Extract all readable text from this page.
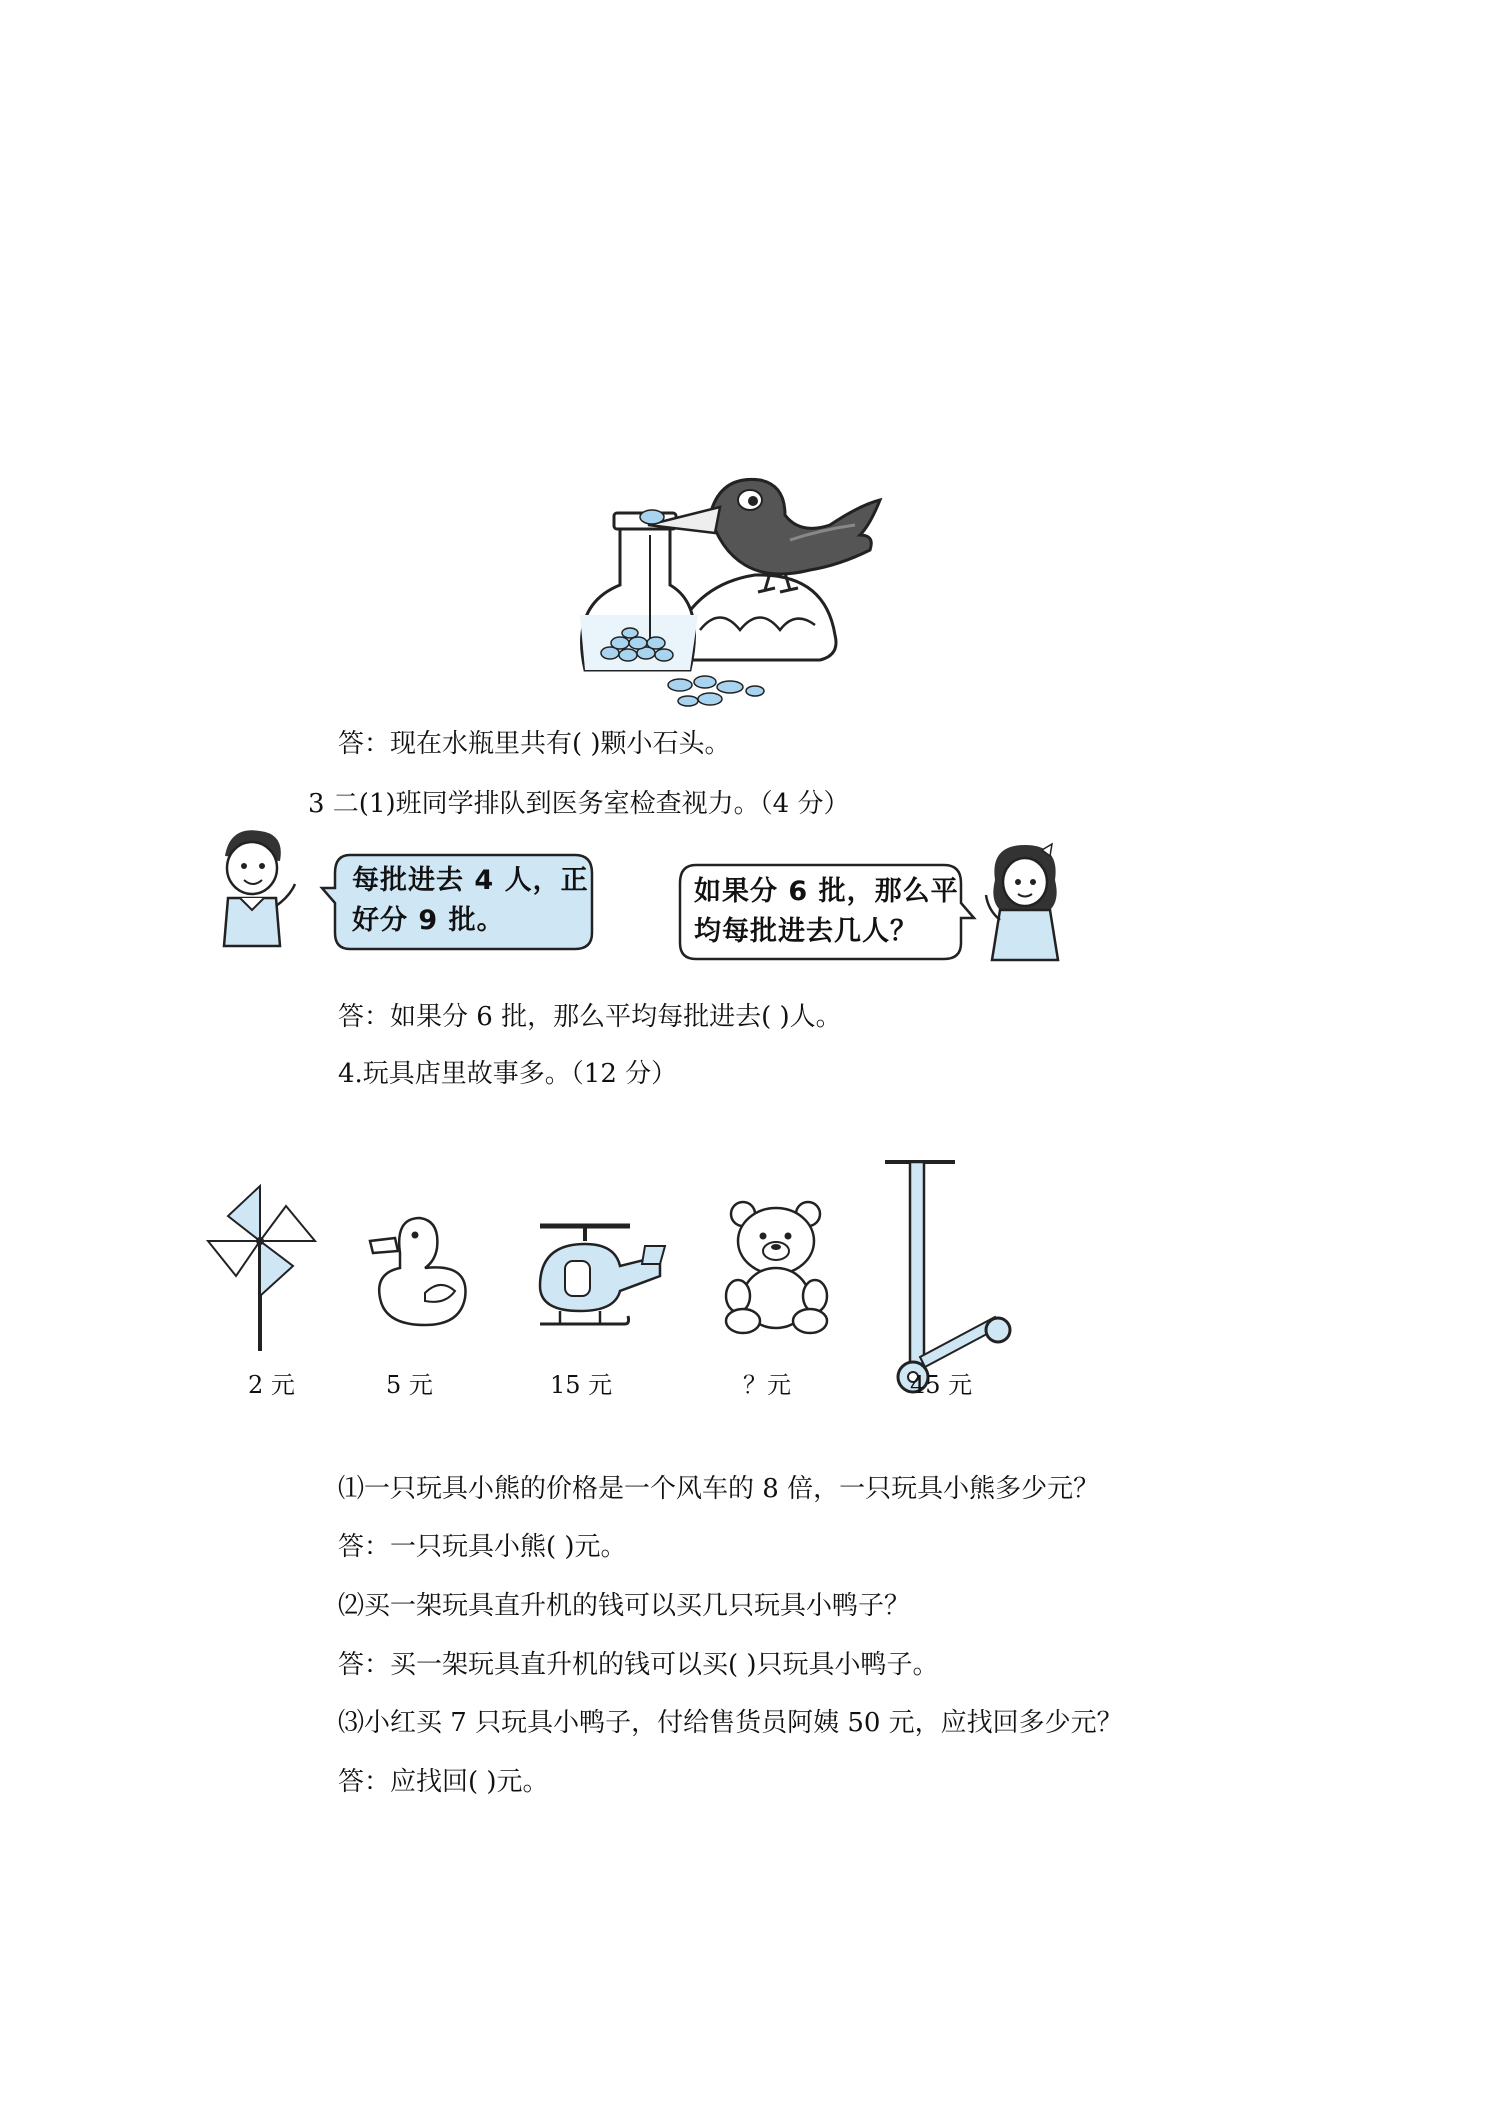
答：现在水瓶里共有( )颗小石头。
3 二(1)班同学排队到医务室检查视力。（4 分）
每批进去 4 人，正
好分 9 批。
如果分 6 批，那么平
均每批进去几人？
答：如果分 6 批，那么平均每批进去( )人。
4.玩具店里故事多。（12 分）
2 元	5 元	15 元	？元	45 元
⑴一只玩具小熊的价格是一个风车的 8 倍，一只玩具小熊多少元？
答：一只玩具小熊( )元。
⑵买一架玩具直升机的钱可以买几只玩具小鸭子？
答：买一架玩具直升机的钱可以买( )只玩具小鸭子。
⑶小红买 7 只玩具小鸭子，付给售货员阿姨 50 元，应找回多少元？
答：应找回( )元。
